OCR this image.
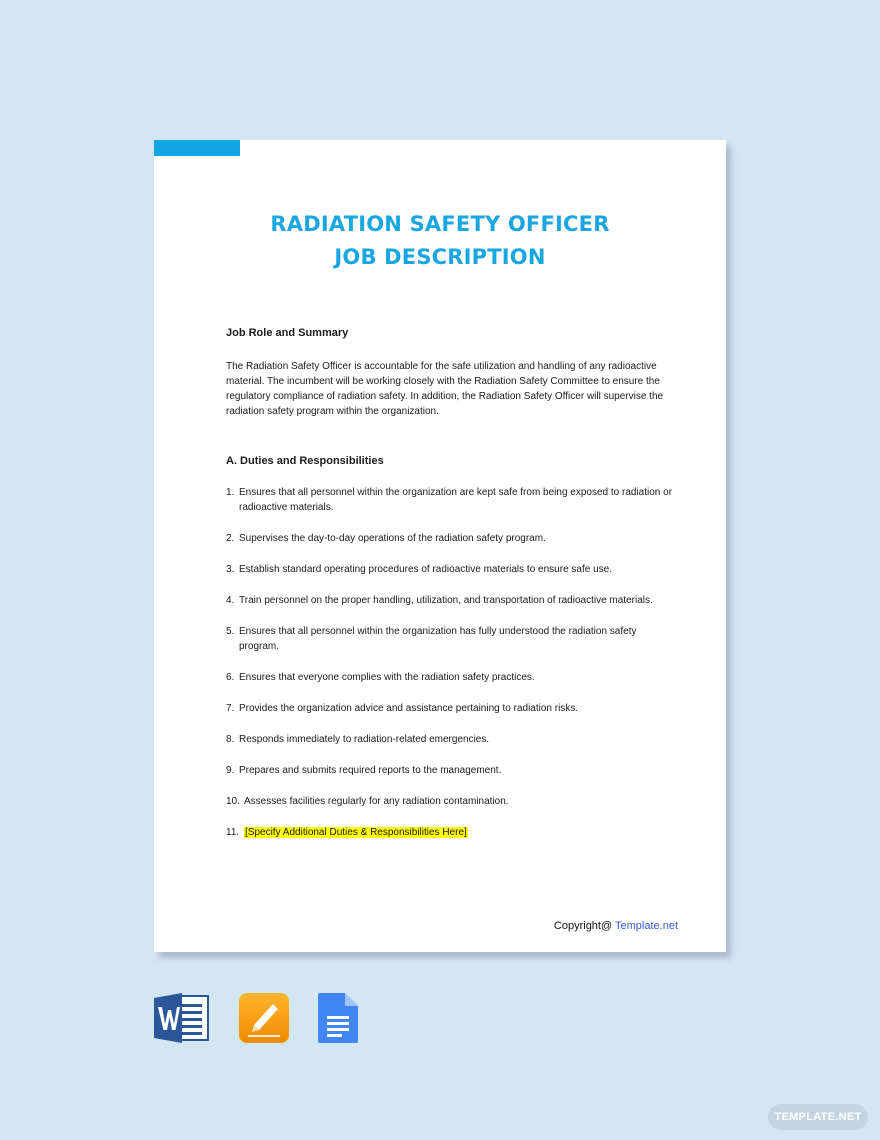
RADIATION SAFETY OFFICER
JOB DESCRIPTION
Job Role and Summary
The Radiation Safety Officer is accountable for the safe utilization and handling of any radioactive material. The incumbent will be working closely with the Radiation Safety Committee to ensure the regulatory compliance of radiation safety. In addition, the Radiation Safety Officer will supervise the radiation safety program within the organization.
A. Duties and Responsibilities
1. Ensures that all personnel within the organization are kept safe from being exposed to radiation or radioactive materials.
2. Supervises the day-to-day operations of the radiation safety program.
3. Establish standard operating procedures of radioactive materials to ensure safe use.
4. Train personnel on the proper handling, utilization, and transportation of radioactive materials.
5. Ensures that all personnel within the organization has fully understood the radiation safety program.
6. Ensures that everyone complies with the radiation safety practices.
7. Provides the organization advice and assistance pertaining to radiation risks.
8. Responds immediately to radiation-related emergencies.
9. Prepares and submits required reports to the management.
10. Assesses facilities regularly for any radiation contamination.
11. [Specify Additional Duties & Responsibilities Here]
Copyright@ Template.net
TEMPLATE.NET
